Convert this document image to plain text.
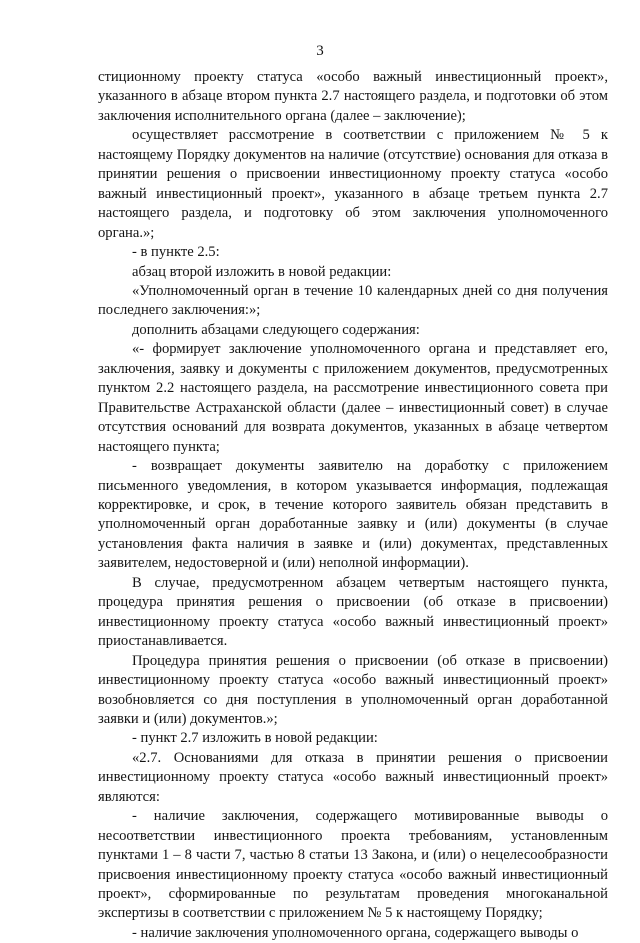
3

стиционному проекту статуса «особо важный инвестиционный проект», указанного в абзаце втором пункта 2.7 настоящего раздела, и подготовки об этом заключения исполнительного органа (далее – заключение);

осуществляет рассмотрение в соответствии с приложением № 5 к настоящему Порядку документов на наличие (отсутствие) основания для отказа в принятии решения о присвоении инвестиционному проекту статуса «особо важный инвестиционный проект», указанного в абзаце третьем пункта 2.7 настоящего раздела, и подготовку об этом заключения уполномоченного органа.»;

- в пункте 2.5:

абзац второй изложить в новой редакции:

«Уполномоченный орган в течение 10 календарных дней со дня получения последнего заключения:»;

дополнить абзацами следующего содержания:

«- формирует заключение уполномоченного органа и представляет его, заключения, заявку и документы с приложением документов, предусмотренных пунктом 2.2 настоящего раздела, на рассмотрение инвестиционного совета при Правительстве Астраханской области (далее – инвестиционный совет) в случае отсутствия оснований для возврата документов, указанных в абзаце четвертом настоящего пункта;

- возвращает документы заявителю на доработку с приложением письменного уведомления, в котором указывается информация, подлежащая корректировке, и срок, в течение которого заявитель обязан представить в уполномоченный орган доработанные заявку и (или) документы (в случае установления факта наличия в заявке и (или) документах, представленных заявителем, недостоверной и (или) неполной информации).

В случае, предусмотренном абзацем четвертым настоящего пункта, процедура принятия решения о присвоении (об отказе в присвоении) инвестиционному проекту статуса «особо важный инвестиционный проект» приостанавливается.

Процедура принятия решения о присвоении (об отказе в присвоении) инвестиционному проекту статуса «особо важный инвестиционный проект» возобновляется со дня поступления в уполномоченный орган доработанной заявки и (или) документов.»;

- пункт 2.7 изложить в новой редакции:

«2.7. Основаниями для отказа в принятии решения о присвоении инвестиционному проекту статуса «особо важный инвестиционный проект» являются:

- наличие заключения, содержащего мотивированные выводы о несоответствии инвестиционного проекта требованиям, установленным пунктами 1 – 8 части 7, частью 8 статьи 13 Закона, и (или) о нецелесообразности присвоения инвестиционному проекту статуса «особо важный инвестиционный проект», сформированные по результатам проведения многоканальной экспертизы в соответствии с приложением № 5 к настоящему Порядку;

- наличие заключения уполномоченного органа, содержащего выводы о
